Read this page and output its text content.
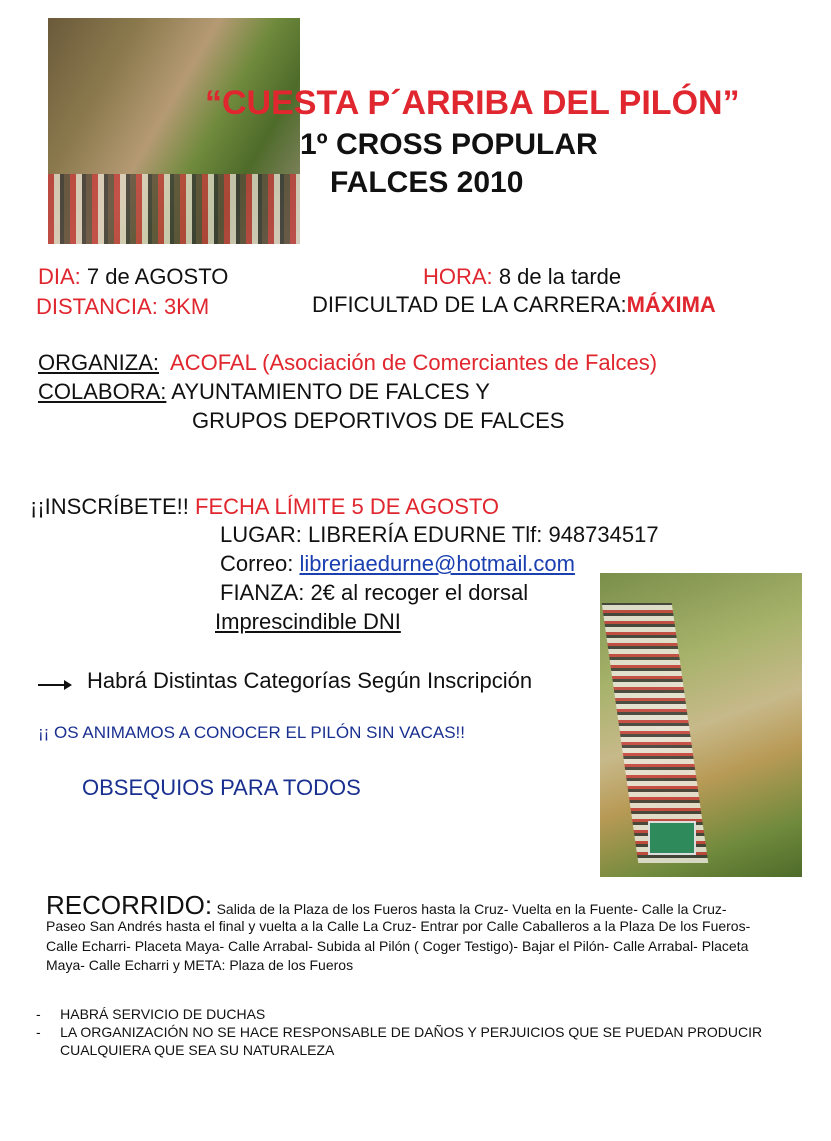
“CUESTA P´ARRIBA DEL PILÓN”
1º CROSS POPULAR
FALCES 2010
DIA: 7 de AGOSTO	HORA: 8 de la tarde
DISTANCIA: 3KM	DIFICULTAD DE LA CARRERA:MÁXIMA
ORGANIZA: ACOFAL (Asociación de Comerciantes de Falces)
COLABORA: AYUNTAMIENTO DE FALCES Y
GRUPOS DEPORTIVOS DE FALCES
¡¡INSCRÍBETE!! FECHA LÍMITE 5 DE AGOSTO
LUGAR: LIBRERÍA EDURNE Tlf: 948734517
Correo: libreriaedurne@hotmail.com
FIANZA: 2€ al recoger el dorsal
Imprescindible DNI
Habrá Distintas Categorías Según Inscripción
¡¡ OS ANIMAMOS A CONOCER EL PILÓN SIN VACAS!!
OBSEQUIOS PARA TODOS
RECORRIDO: Salida de la Plaza de los Fueros hasta la Cruz- Vuelta en la Fuente- Calle la Cruz-
Paseo San Andrés hasta el final y vuelta a la Calle La Cruz- Entrar por Calle Caballeros a la Plaza De los Fueros-
Calle Echarri- Placeta Maya- Calle Arrabal- Subida al Pilón ( Coger Testigo)- Bajar el Pilón- Calle Arrabal- Placeta
Maya- Calle Echarri y META: Plaza de los Fueros
-     HABRÁ SERVICIO DE DUCHAS
-     LA ORGANIZACIÓN NO SE HACE RESPONSABLE DE DAÑOS Y PERJUICIOS QUE SE PUEDAN PRODUCIR
CUALQUIERA QUE SEA SU NATURALEZA
